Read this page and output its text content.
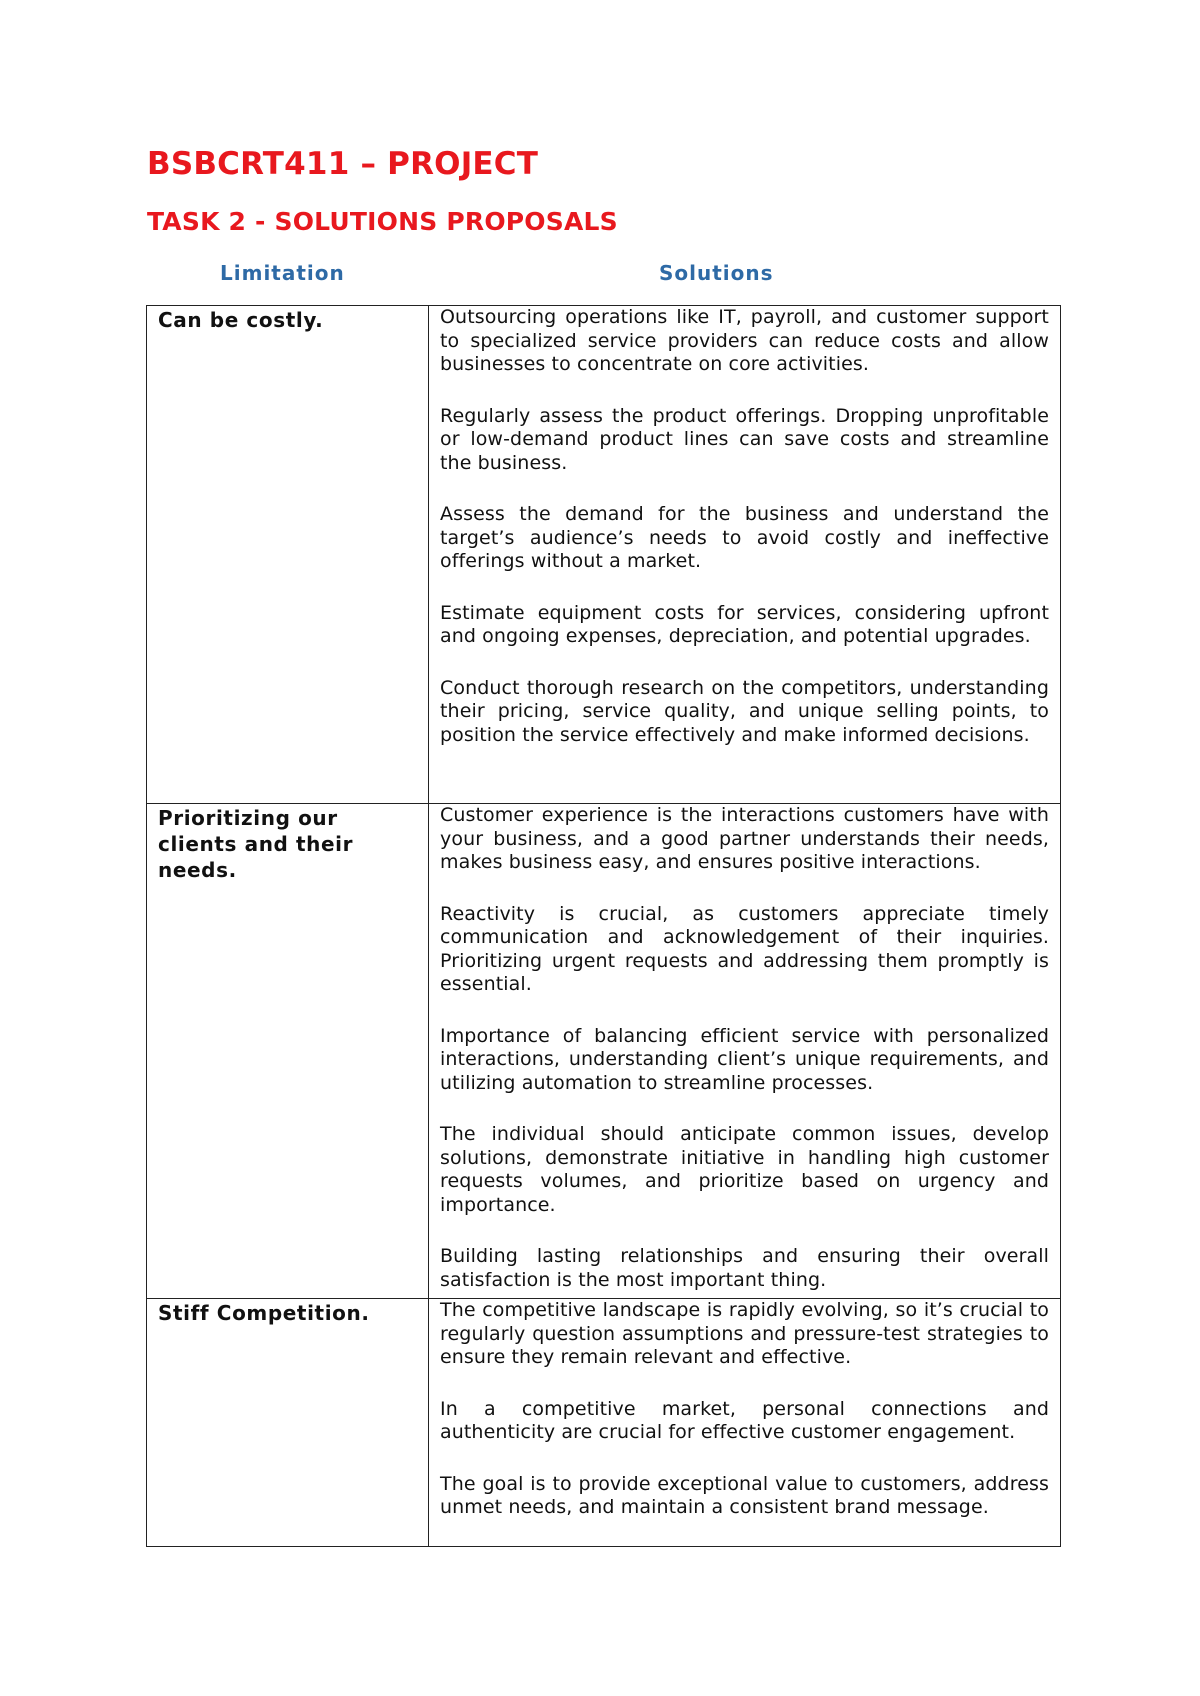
BSBCRT411 – PROJECT
TASK 2 - SOLUTIONS PROPOSALS
Limitation	Solutions
Can be costly.	Outsourcing operations like IT, payroll, and customer support to specialized service providers can reduce costs and allow businesses to concentrate on core activities.

Regularly assess the product offerings. Dropping unprofitable or low-demand product lines can save costs and streamline the business.

Assess the demand for the business and understand the target’s audience’s needs to avoid costly and ineffective offerings without a market.

Estimate equipment costs for services, considering upfront and ongoing expenses, depreciation, and potential upgrades.

Conduct thorough research on the competitors, understanding their pricing, service quality, and unique selling points, to position the service effectively and make informed decisions.

Prioritizing our clients and their needs.	Customer experience is the interactions customers have with your business, and a good partner understands their needs, makes business easy, and ensures positive interactions.

Reactivity is crucial, as customers appreciate timely communication and acknowledgement of their inquiries. Prioritizing urgent requests and addressing them promptly is essential.

Importance of balancing efficient service with personalized interactions, understanding client’s unique requirements, and utilizing automation to streamline processes.

The individual should anticipate common issues, develop solutions, demonstrate initiative in handling high customer requests volumes, and prioritize based on urgency and importance.

Building lasting relationships and ensuring their overall satisfaction is the most important thing.

Stiff Competition.	The competitive landscape is rapidly evolving, so it’s crucial to regularly question assumptions and pressure-test strategies to ensure they remain relevant and effective.

In a competitive market, personal connections and authenticity are crucial for effective customer engagement.

The goal is to provide exceptional value to customers, address unmet needs, and maintain a consistent brand message.
